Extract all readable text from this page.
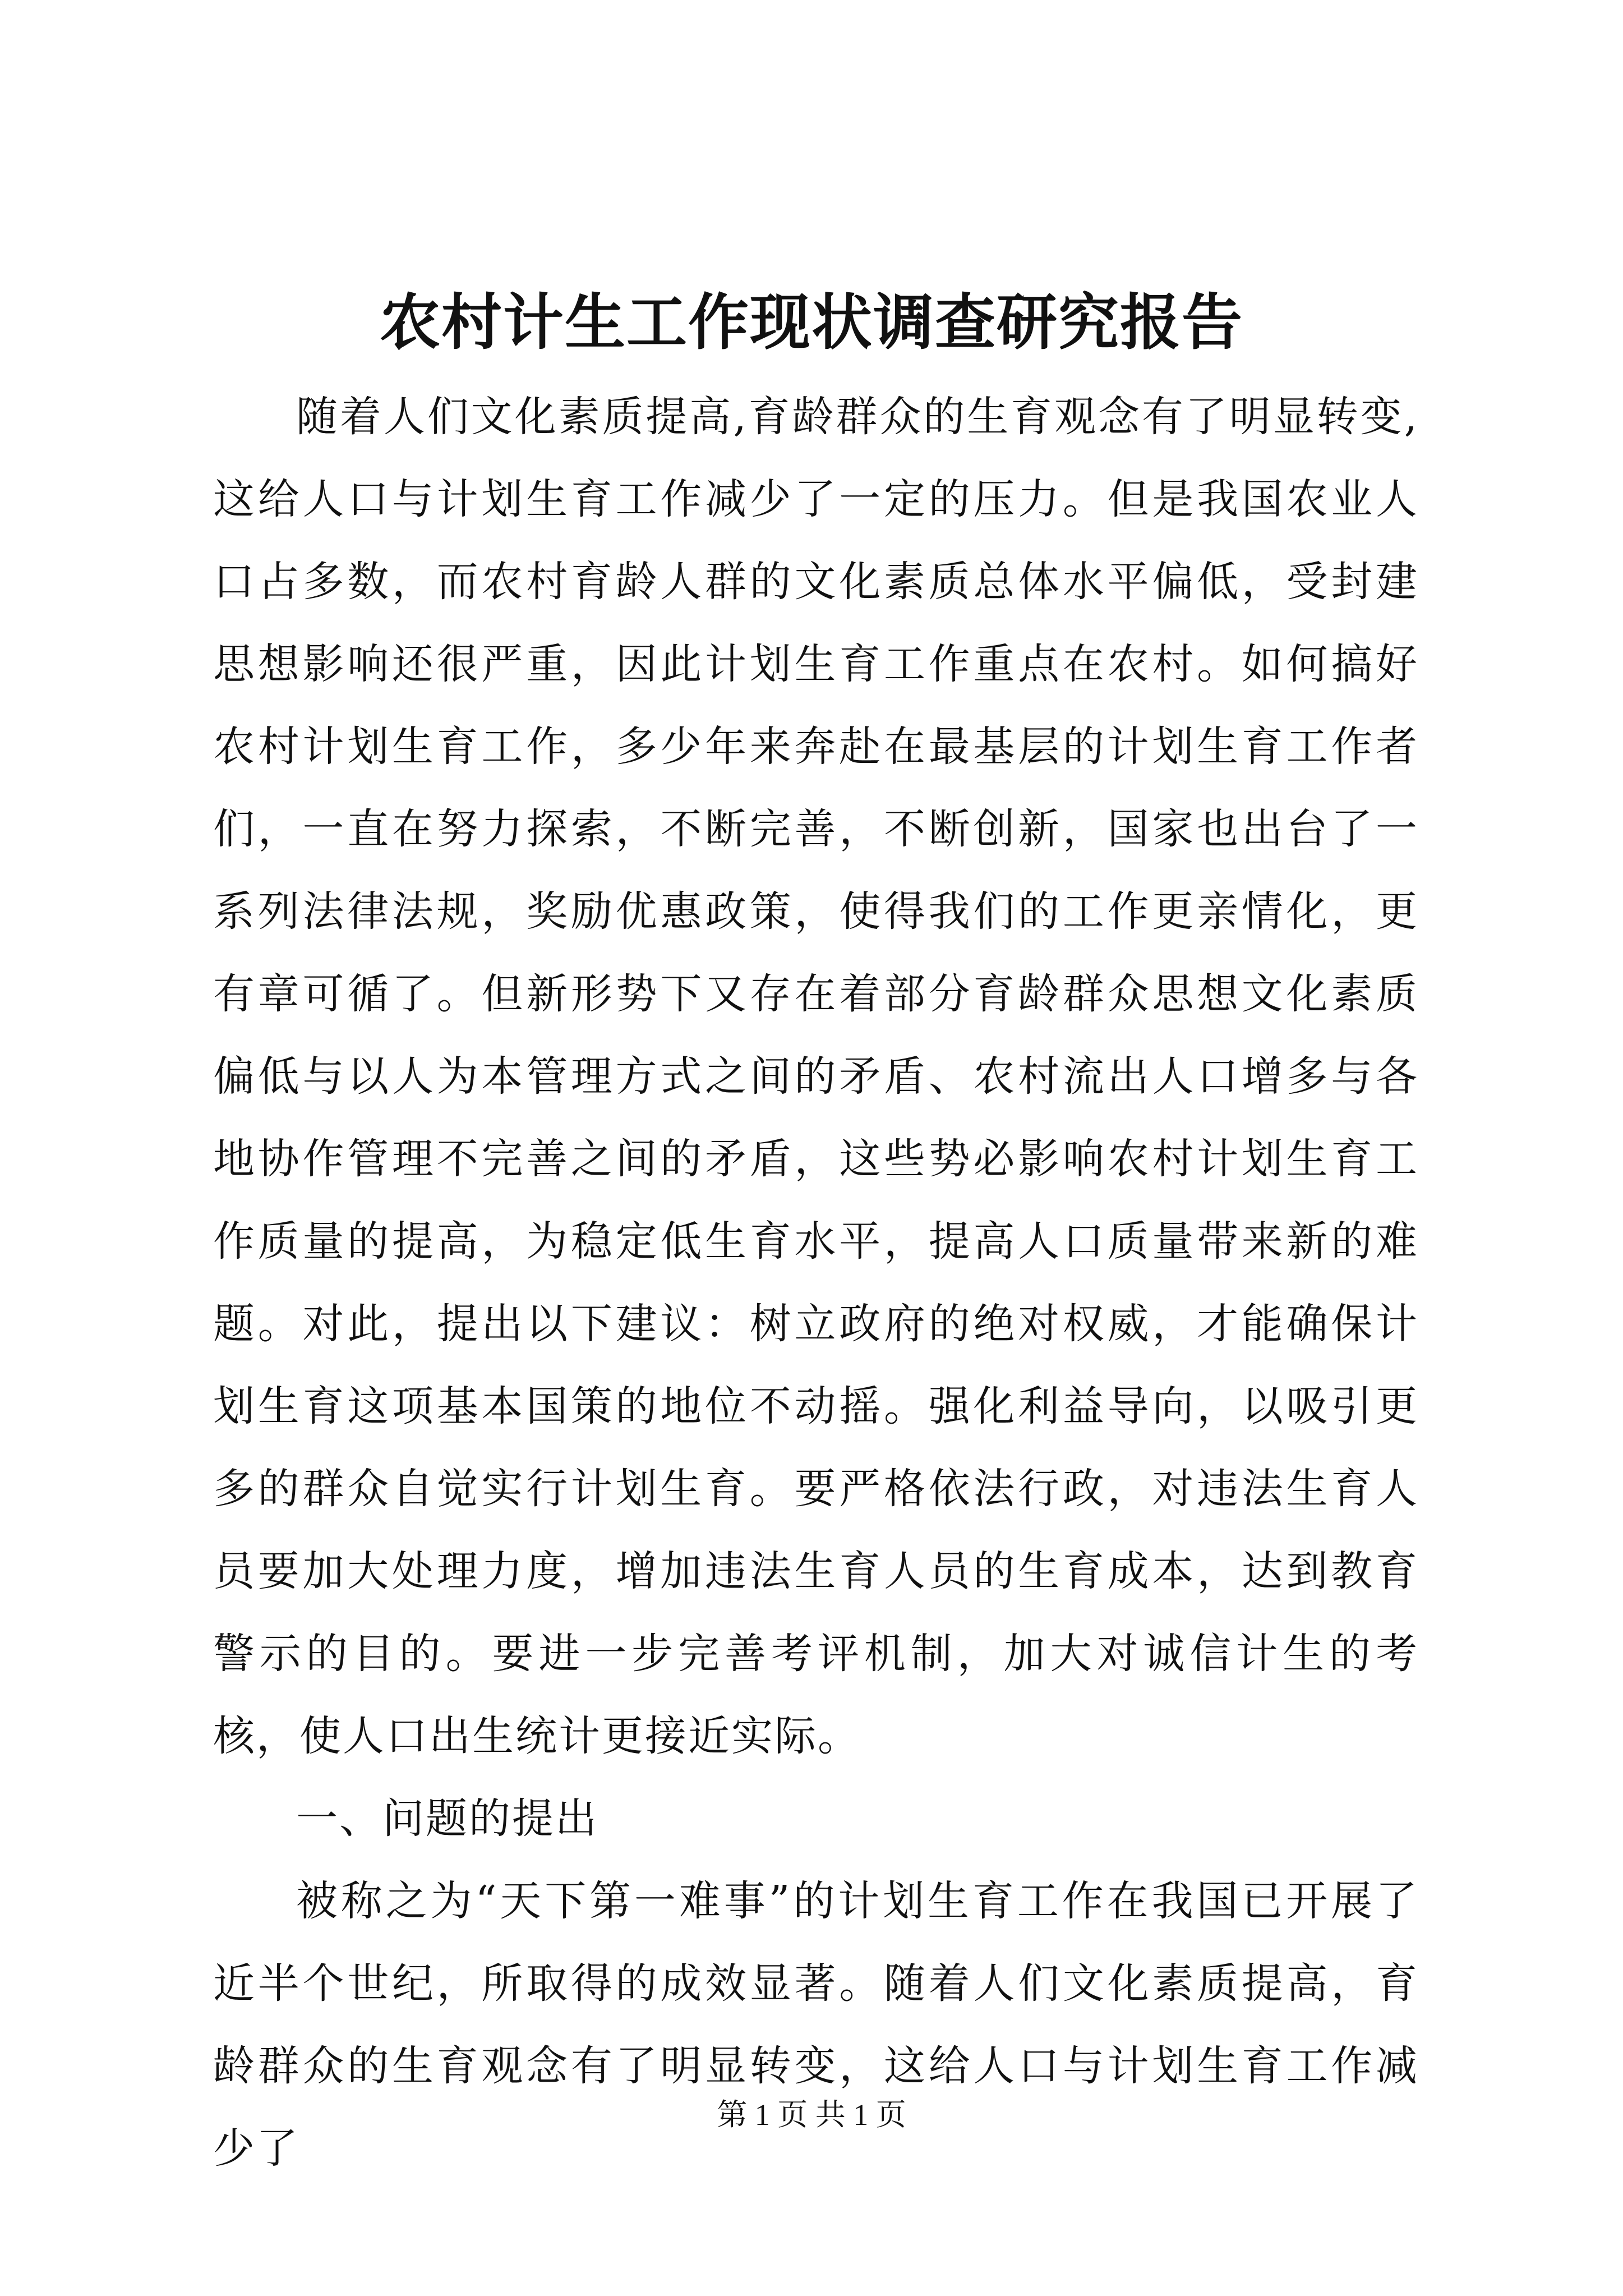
农村计生工作现状调查研究报告

随着人们文化素质提高,育龄群众的生育观念有了明显转变,这给人口与计划生育工作减少了一定的压力。但是我国农业人口占多数，而农村育龄人群的文化素质总体水平偏低，受封建思想影响还很严重，因此计划生育工作重点在农村。如何搞好农村计划生育工作，多少年来奔赴在最基层的计划生育工作者们，一直在努力探索，不断完善，不断创新，国家也出台了一系列法律法规，奖励优惠政策，使得我们的工作更亲情化，更有章可循了。但新形势下又存在着部分育龄群众思想文化素质偏低与以人为本管理方式之间的矛盾、农村流出人口增多与各地协作管理不完善之间的矛盾，这些势必影响农村计划生育工作质量的提高，为稳定低生育水平，提高人口质量带来新的难题。对此，提出以下建议：树立政府的绝对权威，才能确保计划生育这项基本国策的地位不动摇。强化利益导向，以吸引更多的群众自觉实行计划生育。要严格依法行政，对违法生育人员要加大处理力度，增加违法生育人员的生育成本，达到教育警示的目的。要进一步完善考评机制，加大对诚信计生的考核，使人口出生统计更接近实际。

一、问题的提出

被称之为“天下第一难事”的计划生育工作在我国已开展了近半个世纪，所取得的成效显著。随着人们文化素质提高，育龄群众的生育观念有了明显转变，这给人口与计划生育工作减少了

第 1 页 共 1 页
